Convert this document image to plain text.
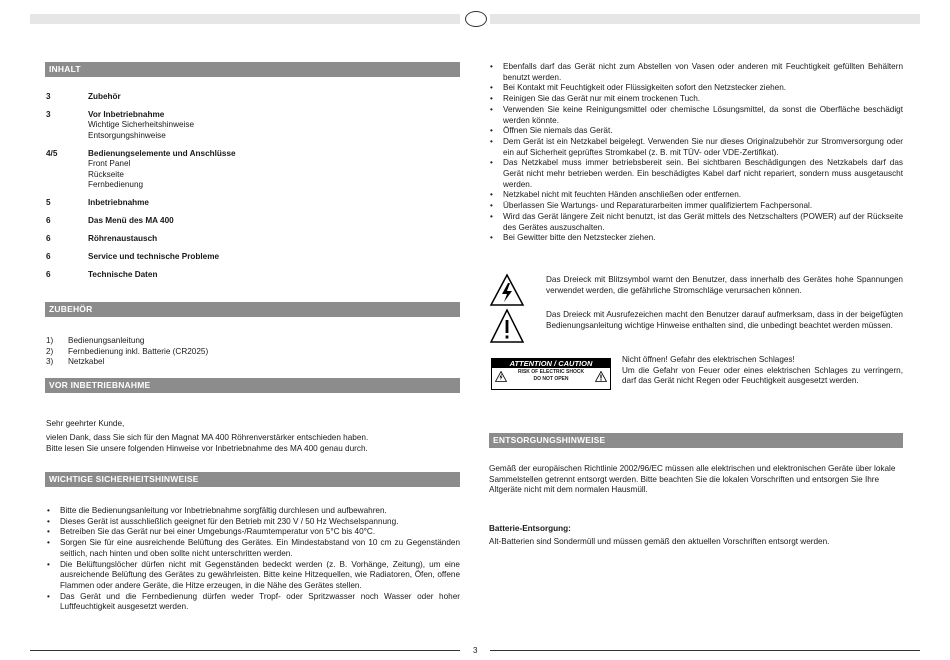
INHALT
3	Zubehör
3	Vor Inbetriebnahme
Wichtige Sicherheitshinweise
Entsorgungshinweise
4/5	Bedienungselemente und Anschlüsse
Front Panel
Rückseite
Fernbedienung
5	Inbetriebnahme
6	Das Menü des MA 400
6	Röhrenaustausch
6	Service und technische Probleme
6	Technische Daten
ZUBEHÖR
1) Bedienungsanleitung
2) Fernbedienung inkl. Batterie (CR2025)
3) Netzkabel
VOR INBETRIEBNAHME
Sehr geehrter Kunde,
vielen Dank, dass Sie sich für den Magnat MA 400 Röhrenverstärker entschieden haben.
Bitte lesen Sie unsere folgenden Hinweise vor Inbetriebnahme des MA 400 genau durch.
WICHTIGE SICHERHEITSHINWEISE
• Bitte die Bedienungsanleitung vor Inbetriebnahme sorgfältig durchlesen und aufbewahren.
• Dieses Gerät ist ausschließlich geeignet für den Betrieb mit 230 V / 50 Hz Wechselspannung.
• Betreiben Sie das Gerät nur bei einer Umgebungs-/Raumtemperatur von 5°C bis 40°C.
• Sorgen Sie für eine ausreichende Belüftung des Gerätes. Ein Mindestabstand von 10 cm zu Gegenständen seitlich, nach hinten und oben sollte nicht unterschritten werden.
• Die Belüftungslöcher dürfen nicht mit Gegenständen bedeckt werden (z. B. Vorhänge, Zeitung), um eine ausreichende Belüftung des Gerätes zu gewährleisten. Bitte keine Hitzequellen, wie Radiatoren, Öfen, offene Flammen oder andere Geräte, die Hitze erzeugen, in die Nähe des Gerätes stellen.
• Das Gerät und die Fernbedienung dürfen weder Tropf- oder Spritzwasser noch Wasser oder hoher Luftfeuchtigkeit ausgesetzt werden.
• Ebenfalls darf das Gerät nicht zum Abstellen von Vasen oder anderen mit Feuchtigkeit gefüllten Behältern benutzt werden.
• Bei Kontakt mit Feuchtigkeit oder Flüssigkeiten sofort den Netzstecker ziehen.
• Reinigen Sie das Gerät nur mit einem trockenen Tuch.
• Verwenden Sie keine Reinigungsmittel oder chemische Lösungsmittel, da sonst die Oberfläche beschädigt werden könnte.
• Öffnen Sie niemals das Gerät.
• Dem Gerät ist ein Netzkabel beigelegt. Verwenden Sie nur dieses Originalzubehör zur Stromversorgung oder ein auf Sicherheit geprüftes Stromkabel (z. B. mit TÜV- oder VDE-Zertifikat).
• Das Netzkabel muss immer betriebsbereit sein. Bei sichtbaren Beschädigungen des Netzkabels darf das Gerät nicht mehr betrieben werden. Ein beschädigtes Kabel darf nicht repariert, sondern muss ausgetauscht werden.
• Netzkabel nicht mit feuchten Händen anschließen oder entfernen.
• Überlassen Sie Wartungs- und Reparaturarbeiten immer qualifiziertem Fachpersonal.
• Wird das Gerät längere Zeit nicht benutzt, ist das Gerät mittels des Netzschalters (POWER) auf der Rückseite des Gerätes auszuschalten.
• Bei Gewitter bitte den Netzstecker ziehen.
Das Dreieck mit Blitzsymbol warnt den Benutzer, dass innerhalb des Gerätes hohe Spannungen verwendet werden, die gefährliche Stromschläge verursachen können.
Das Dreieck mit Ausrufezeichen macht den Benutzer darauf aufmerksam, dass in der beigefügten Bedienungsanleitung wichtige Hinweise enthalten sind, die unbedingt beachtet werden müssen.
ATTENTION / CAUTION
RISK OF ELECTRIC SHOCK
DO NOT OPEN
Nicht öffnen! Gefahr des elektrischen Schlages!
Um die Gefahr von Feuer oder eines elektrischen Schlages zu verringern, darf das Gerät nicht Regen oder Feuchtigkeit ausgesetzt werden.
ENTSORGUNGSHINWEISE
Gemäß der europäischen Richtlinie 2002/96/EC müssen alle elektrischen und elektronischen Geräte über lokale Sammelstellen getrennt entsorgt werden. Bitte beachten Sie die lokalen Vorschriften und entsorgen Sie Ihre Altgeräte nicht mit dem normalen Hausmüll.
Batterie-Entsorgung:
Alt-Batterien sind Sondermüll und müssen gemäß den aktuellen Vorschriften entsorgt werden.
3
